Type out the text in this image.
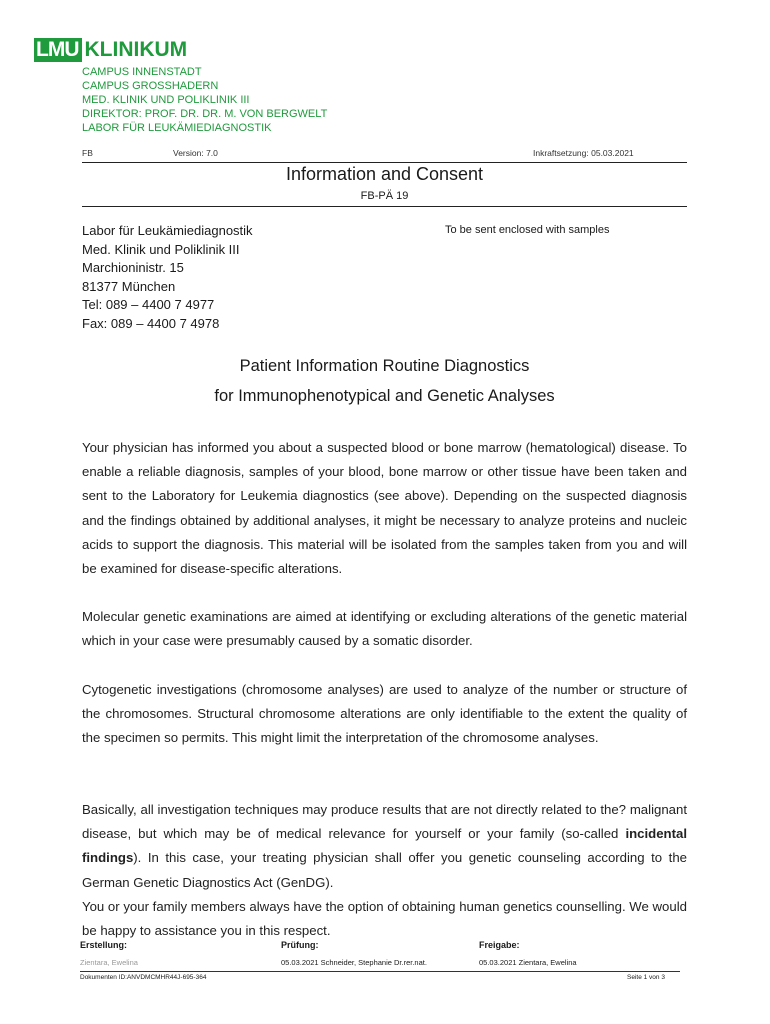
LMU KLINIKUM
CAMPUS INNENSTADT
CAMPUS GROSSHADERN
MED. KLINIK UND POLIKLINIK III
DIREKTOR: PROF. DR. DR. M. VON BERGWELT
LABOR FÜR LEUKÄMIEDIAGNOSTIK
FB	Version: 7.0	Inkraftsetzung: 05.03.2021
Information and Consent
FB-PÄ 19
Labor für Leukämiediagnostik
Med. Klinik und Poliklinik III
Marchioninistr. 15
81377 München
Tel: 089 – 4400 7 4977
Fax: 089 – 4400 7 4978
To be sent enclosed with samples
Patient Information Routine Diagnostics
for Immunophenotypical and Genetic Analyses
Your physician has informed you about a suspected blood or bone marrow (hematological) disease. To enable a reliable diagnosis, samples of your blood, bone marrow or other tissue have been taken and sent to the Laboratory for Leukemia diagnostics (see above). Depending on the suspected diagnosis and the findings obtained by additional analyses, it might be necessary to analyze proteins and nucleic acids to support the diagnosis. This material will be isolated from the samples taken from you and will be examined for disease-specific alterations.
Molecular genetic examinations are aimed at identifying or excluding alterations of the genetic material which in your case were presumably caused by a somatic disorder.
Cytogenetic investigations (chromosome analyses) are used to analyze of the number or structure of the chromosomes. Structural chromosome alterations are only identifiable to the extent the quality of the specimen so permits. This might limit the interpretation of the chromosome analyses.
Basically, all investigation techniques may produce results that are not directly related to the? malignant disease, but which may be of medical relevance for yourself or your family (so-called incidental findings). In this case, your treating physician shall offer you genetic counseling according to the German Genetic Diagnostics Act (GenDG).
You or your family members always have the option of obtaining human genetics counselling. We would be happy to assistance you in this respect.
Erstellung:	Prüfung:	Freigabe:
Zientara, Ewelina	05.03.2021 Schneider, Stephanie Dr.rer.nat.	05.03.2021 Zientara, Ewelina
Dokumenten ID:ANVDMCMHR44J-695-364	Seite 1 von 3
